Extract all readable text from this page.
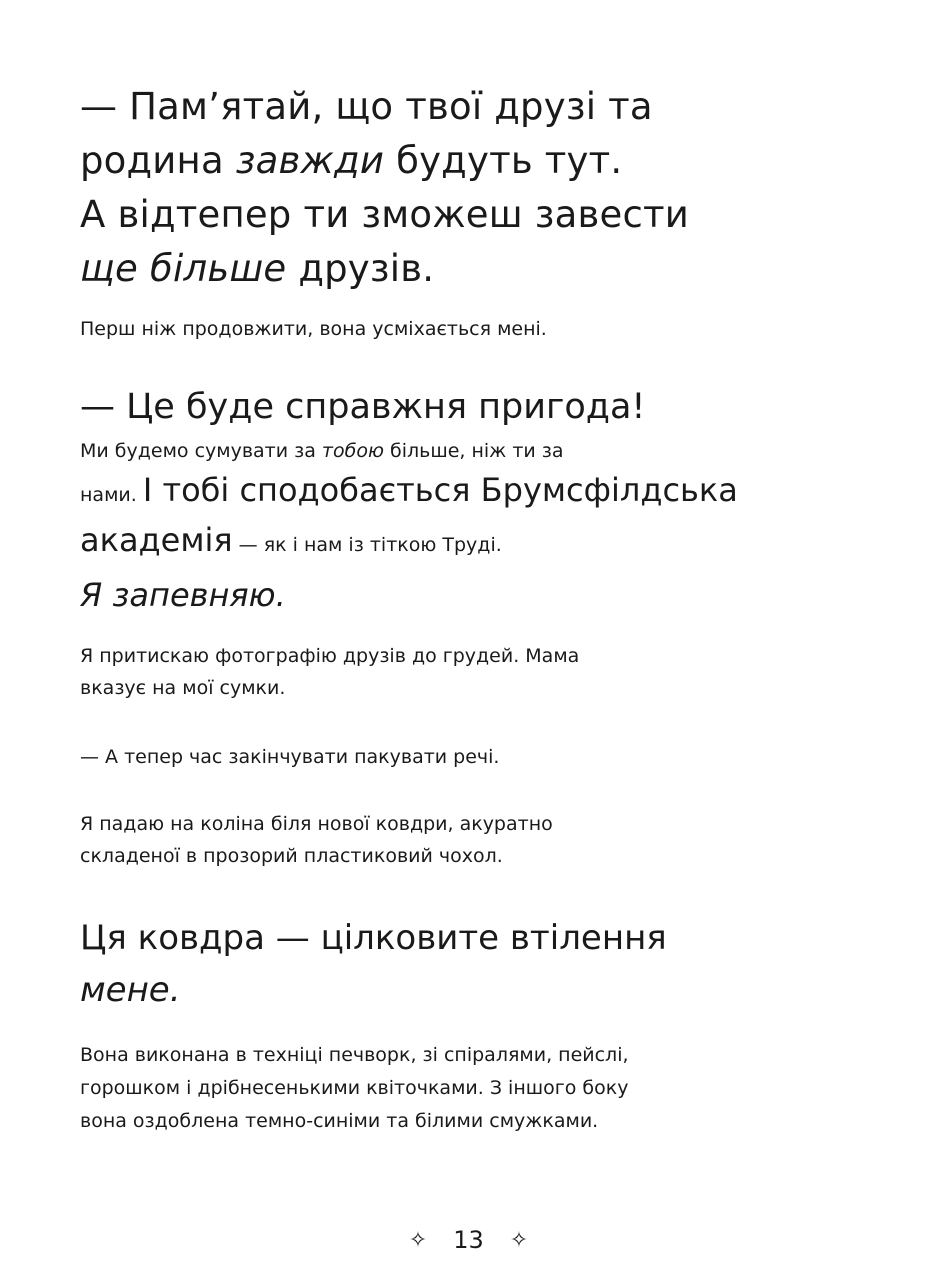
— Пам’ятай, що твої друзі та
родина завжди будуть тут.
А відтепер ти зможеш завести
ще більше друзів.

Перш ніж продовжити, вона усміхається мені.

— Це буде справжня пригода!
Ми будемо сумувати за тобою більше, ніж ти за
нами. І тобі сподобається Брумсфілдська
академія — як і нам із тіткою Труді.
Я запевняю.

Я притискаю фотографію друзів до грудей. Мама
вказує на мої сумки.

— А тепер час закінчувати пакувати речі.

Я падаю на коліна біля нової ковдри, акуратно
складеної в прозорий пластиковий чохол.

Ця ковдра — цілковите втілення
мене.

Вона виконана в техніці печворк, зі спіралями, пейслі,
горошком і дрібнесенькими квіточками. З іншого боку
вона оздоблена темно-синіми та білими смужками.

✧ 13 ✧
